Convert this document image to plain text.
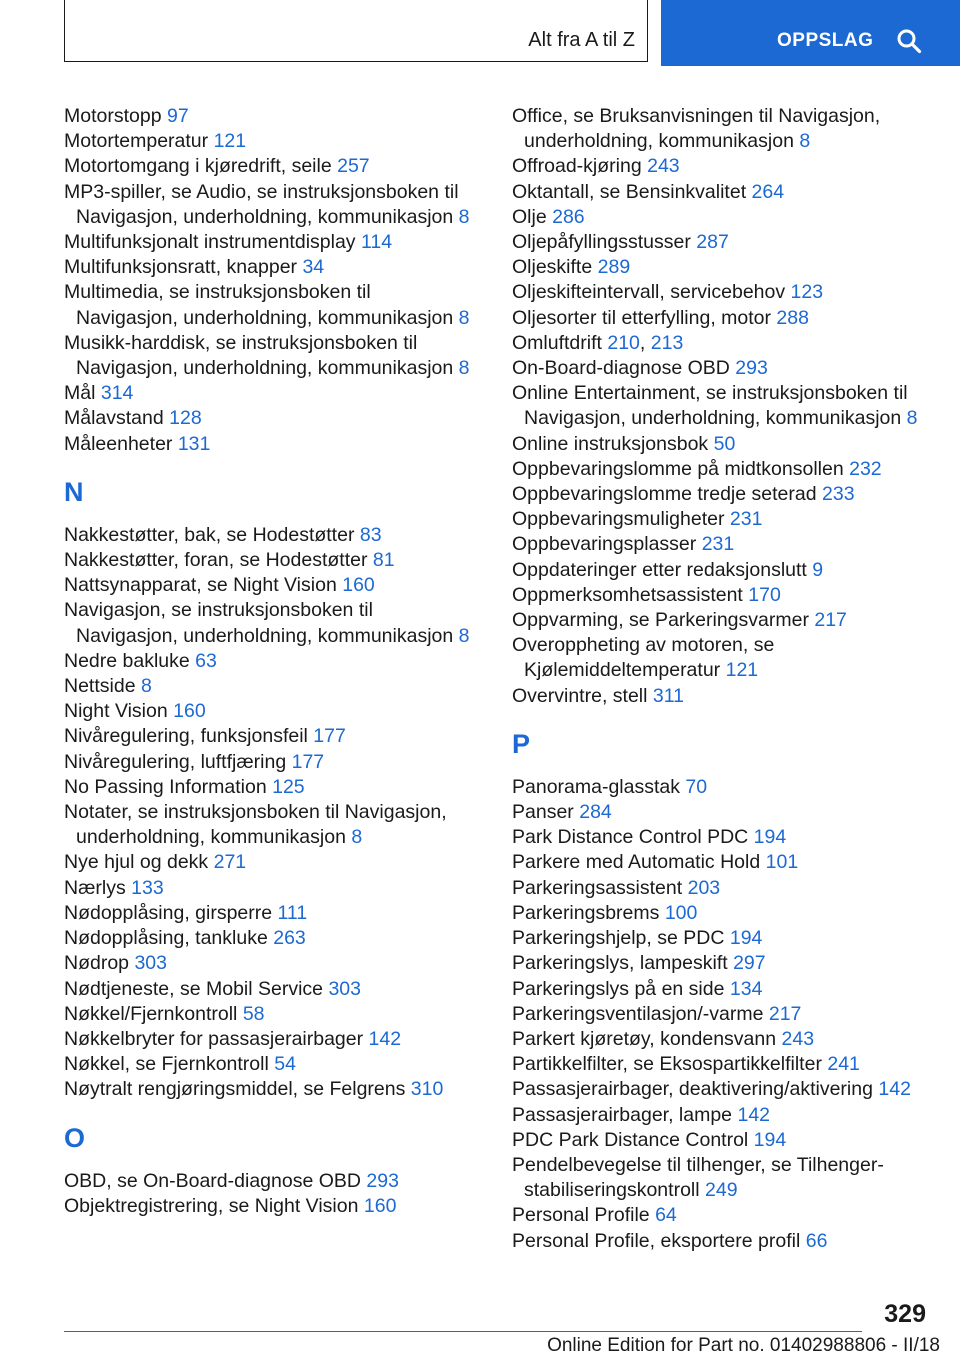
Alt fra A til Z	OPPSLAG
Motorstopp 97
Motortemperatur 121
Motortomgang i kjøredrift, seile 257
MP3-spiller, se Audio, se instruksjonsboken til Navigasjon, underholdning, kommunikasjon 8
Multifunksjonalt instrumentdisplay 114
Multifunksjonsratt, knapper 34
Multimedia, se instruksjonsboken til Navigasjon, underholdning, kommunikasjon 8
Musikk-harddisk, se instruksjonsboken til Navigasjon, underholdning, kommunikasjon 8
Mål 314
Målavstand 128
Måleenheter 131
N
Nakkestøtter, bak, se Hodestøtter 83
Nakkestøtter, foran, se Hodestøtter 81
Nattsynapparat, se Night Vision 160
Navigasjon, se instruksjonsboken til Navigasjon, underholdning, kommunikasjon 8
Nedre bakluke 63
Nettside 8
Night Vision 160
Nivåregulering, funksjonsfeil 177
Nivåregulering, luftfjæring 177
No Passing Information 125
Notater, se instruksjonsboken til Navigasjon, underholdning, kommunikasjon 8
Nye hjul og dekk 271
Nærlys 133
Nødopplåsing, girsperre 111
Nødopplåsing, tankluke 263
Nødrop 303
Nødtjeneste, se Mobil Service 303
Nøkkel/Fjernkontroll 58
Nøkkelbryter for passasjerairbager 142
Nøkkel, se Fjernkontroll 54
Nøytralt rengjøringsmiddel, se Felgrens 310
O
OBD, se On-Board-diagnose OBD 293
Objektregistrering, se Night Vision 160
Office, se Bruksanvisningen til Navigasjon, underholdning, kommunikasjon 8
Offroad-kjøring 243
Oktantall, se Bensinkvalitet 264
Olje 286
Oljepåfyllingsstusser 287
Oljeskifte 289
Oljeskifteintervall, servicebehov 123
Oljesorter til etterfylling, motor 288
Omluftdrift 210, 213
On-Board-diagnose OBD 293
Online Entertainment, se instruksjonsboken til Navigasjon, underholdning, kommunikasjon 8
Online instruksjonsbok 50
Oppbevaringslomme på midtkonsollen 232
Oppbevaringslomme tredje seterad 233
Oppbevaringsmuligheter 231
Oppbevaringsplasser 231
Oppdateringer etter redaksjonslutt 9
Oppmerksomhetsassistent 170
Oppvarming, se Parkeringsvarmer 217
Overoppheting av motoren, se Kjølemiddeltemperatur 121
Overvintre, stell 311
P
Panorama-glasstak 70
Panser 284
Park Distance Control PDC 194
Parkere med Automatic Hold 101
Parkeringsassistent 203
Parkeringsbrems 100
Parkeringshjelp, se PDC 194
Parkeringslys, lampeskift 297
Parkeringslys på en side 134
Parkeringsventilasjon/-varme 217
Parkert kjøretøy, kondensvann 243
Partikkelfilter, se Eksospartikkelfilter 241
Passasjerairbager, deaktivering/aktivering 142
Passasjerairbager, lampe 142
PDC Park Distance Control 194
Pendelbevegelse til tilhenger, se Tilhenger-stabiliseringskontroll 249
Personal Profile 64
Personal Profile, eksportere profil 66
329
Online Edition for Part no. 01402988806 - II/18
